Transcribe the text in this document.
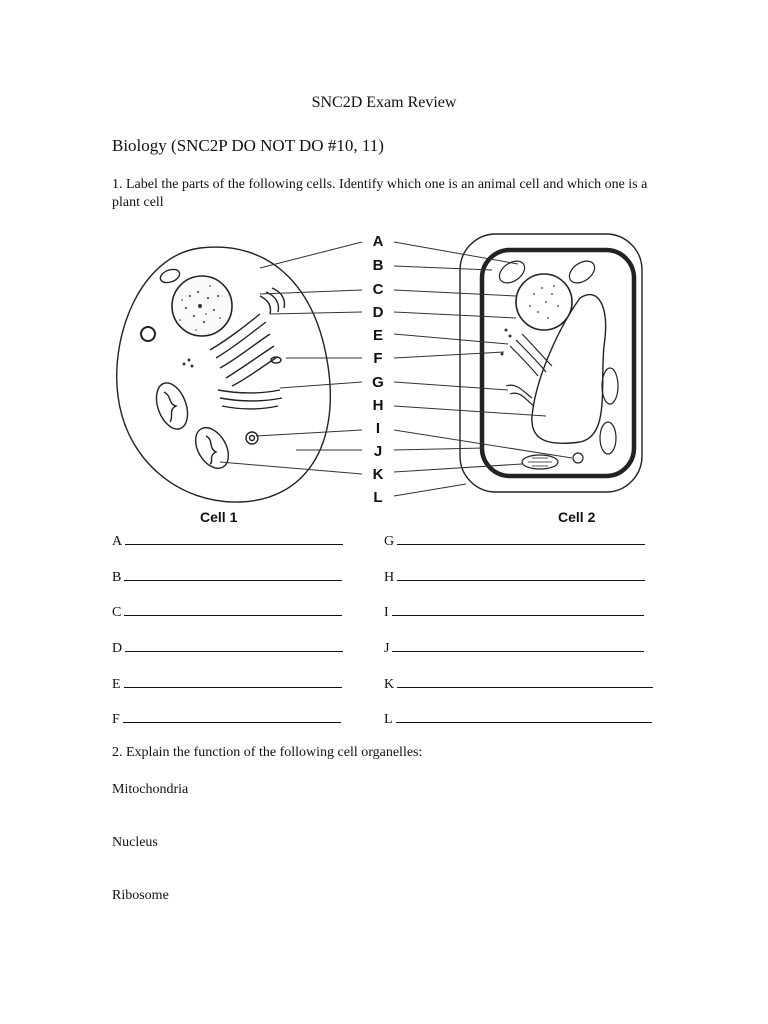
SNC2D Exam Review
Biology (SNC2P DO NOT DO #10, 11)
1. Label the parts of the following cells. Identify which one is an animal cell and which one is a plant cell
A
B
C
D
E
F
G
H
I
J
K
L
Cell 1	Cell 2
A
B
C
D
E
F
G
H
I
J
K
L
2. Explain the function of the following cell organelles:
Mitochondria
Nucleus
Ribosome
